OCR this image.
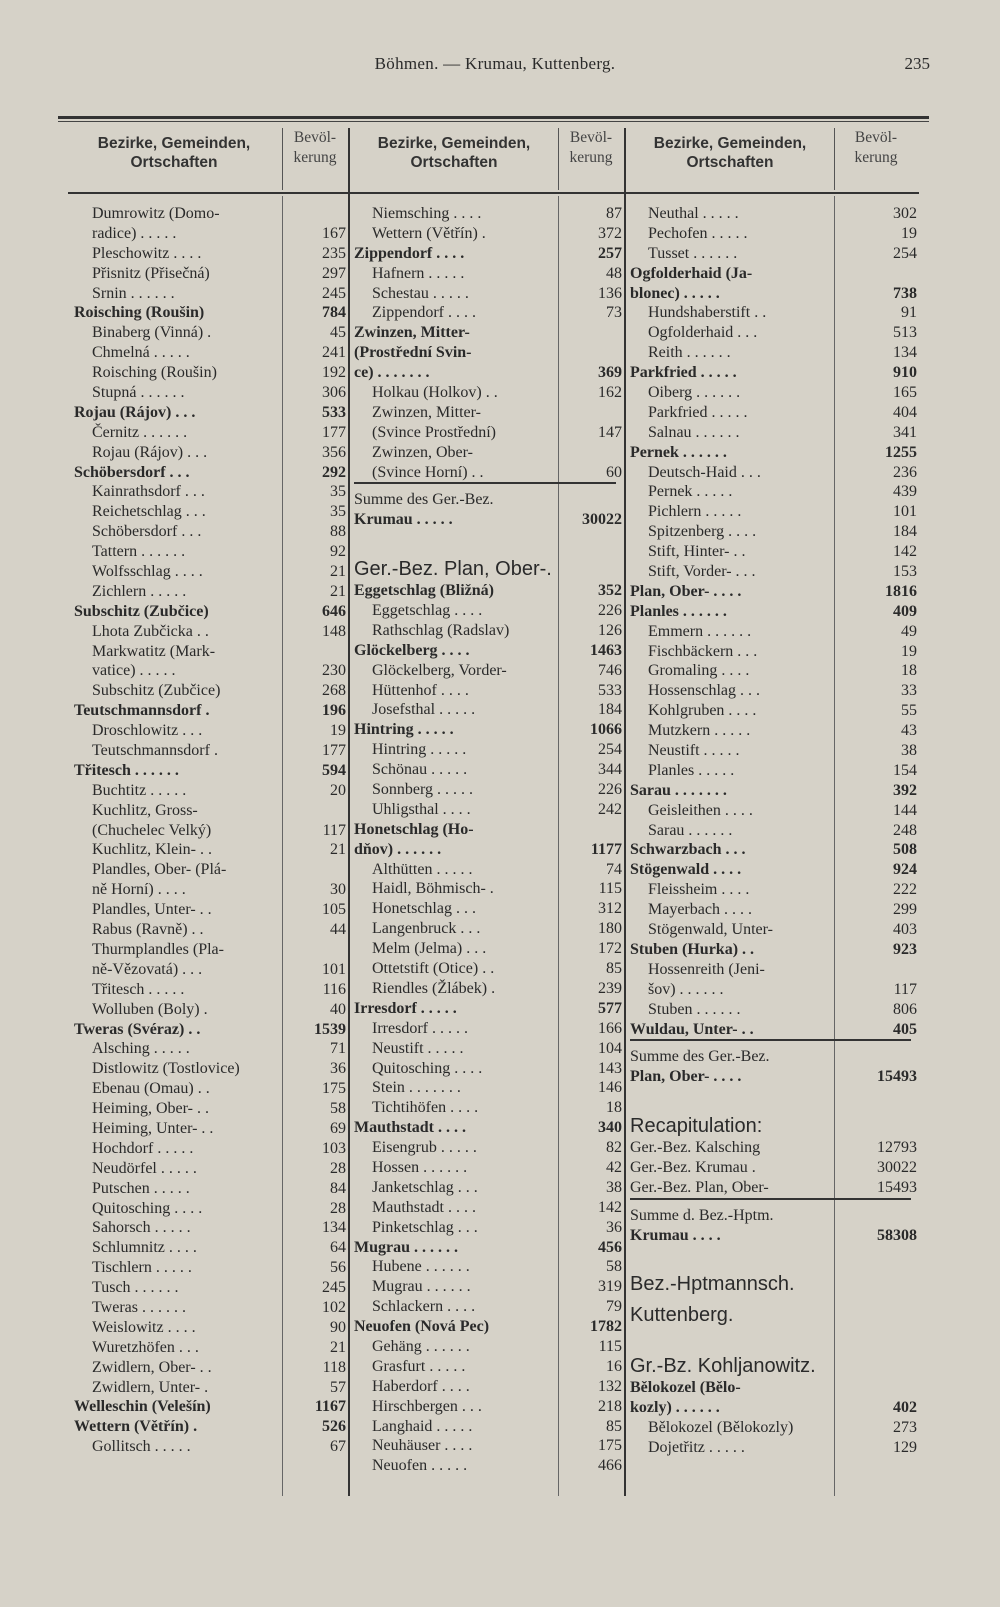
Böhmen. — Krumau, Kuttenberg.	235
Bezirke, Gemeinden, Ortschaften
Bevöl-kerung
Bezirke, Gemeinden, Ortschaften
Bevöl-kerung
Bezirke, Gemeinden, Ortschaften
Bevöl-kerung
Dumrowitz (Domo-
radice) . . . . .	167
Pleschowitz . . . .	235
Přisnitz (Přisečná)	297
Srnin . . . . . .	245
Roisching (Roušin)	784
Binaberg (Vinná) .	45
Chmelná . . . . .	241
Roisching (Roušin)	192
Stupná . . . . . .	306
Rojau (Rájov) . . .	533
Černitz . . . . . .	177
Rojau (Rájov) . . .	356
Schöbersdorf . . .	292
Kainrathsdorf . . .	35
Reichetschlag . . .	35
Schöbersdorf . . .	88
Tattern . . . . . .	92
Wolfsschlag . . . .	21
Zichlern . . . . .	21
Subschitz (Zubčice)	646
Lhota Zubčicka . .	148
Markwatitz (Mark-
vatice) . . . . .	230
Subschitz (Zubčice)	268
Teutschmannsdorf .	196
Droschlowitz . . .	19
Teutschmannsdorf .	177
Třitesch . . . . . .	594
Buchtitz . . . . .	20
Kuchlitz, Gross-
(Chuchelec Velký)	117
Kuchlitz, Klein- . .	21
Plandles, Ober- (Plá-
ně Horní) . . . .	30
Plandles, Unter- . .	105
Rabus (Ravně) . .	44
Thurmplandles (Pla-
ně-Vězovatá) . . .	101
Třitesch . . . . .	116
Wolluben (Boly) .	40
Tweras (Svéraz) . .	1539
Alsching . . . . .	71
Distlowitz (Tostlovice)	36
Ebenau (Omau) . .	175
Heiming, Ober- . .	58
Heiming, Unter- . .	69
Hochdorf . . . . .	103
Neudörfel . . . . .	28
Putschen . . . . .	84
Quitosching . . . .	28
Sahorsch . . . . .	134
Schlumnitz . . . .	64
Tischlern . . . . .	56
Tusch . . . . . .	245
Tweras . . . . . .	102
Weislowitz . . . .	90
Wuretzhöfen . . .	21
Zwidlern, Ober- . .	118
Zwidlern, Unter- .	57
Welleschin (Velešín)	1167
Wettern (Větřín) .	526
Gollitsch . . . . .	67
Niemsching . . . .	87
Wettern (Větřín) .	372
Zippendorf . . . .	257
Hafnern . . . . .	48
Schestau . . . . .	136
Zippendorf . . . .	73
Zwinzen, Mitter-
(Prostřední Svin-
ce) . . . . . . .	369
Holkau (Holkov) . .	162
Zwinzen, Mitter-
(Svince Prostřední)	147
Zwinzen, Ober-
(Svince Horní) . .	60
Summe des Ger.-Bez.
Krumau . . . . .	30022
Ger.-Bez. Plan, Ober-.
Eggetschlag (Bližná)	352
Eggetschlag . . . .	226
Rathschlag (Radslav)	126
Glöckelberg . . . .	1463
Glöckelberg, Vorder-	746
Hüttenhof . . . .	533
Josefsthal . . . . .	184
Hintring . . . . .	1066
Hintring . . . . .	254
Schönau . . . . .	344
Sonnberg . . . . .	226
Uhligsthal . . . .	242
Honetschlag (Ho-
dňov) . . . . . .	1177
Althütten . . . . .	74
Haidl, Böhmisch- .	115
Honetschlag . . .	312
Langenbruck . . .	180
Melm (Jelma) . . .	172
Ottetstift (Otice) . .	85
Riendles (Žlábek) .	239
Irresdorf . . . . .	577
Irresdorf . . . . .	166
Neustift . . . . .	104
Quitosching . . . .	143
Stein . . . . . . .	146
Tichtihöfen . . . .	18
Mauthstadt . . . .	340
Eisengrub . . . . .	82
Hossen . . . . . .	42
Janketschlag . . .	38
Mauthstadt . . . .	142
Pinketschlag . . .	36
Mugrau . . . . . .	456
Hubene . . . . . .	58
Mugrau . . . . . .	319
Schlackern . . . .	79
Neuofen (Nová Pec)	1782
Gehäng . . . . . .	115
Grasfurt . . . . .	16
Haberdorf . . . .	132
Hirschbergen . . .	218
Langhaid . . . . .	85
Neuhäuser . . . .	175
Neuofen . . . . .	466
Neuthal . . . . .	302
Pechofen . . . . .	19
Tusset . . . . . .	254
Ogfolderhaid (Ja-
blonec) . . . . .	738
Hundshaberstift . .	91
Ogfolderhaid . . .	513
Reith . . . . . .	134
Parkfried . . . . .	910
Oiberg . . . . . .	165
Parkfried . . . . .	404
Salnau . . . . . .	341
Pernek . . . . . .	1255
Deutsch-Haid . . .	236
Pernek . . . . .	439
Pichlern . . . . .	101
Spitzenberg . . . .	184
Stift, Hinter- . .	142
Stift, Vorder- . . .	153
Plan, Ober- . . . .	1816
Planles . . . . . .	409
Emmern . . . . . .	49
Fischbäckern . . .	19
Gromaling . . . .	18
Hossenschlag . . .	33
Kohlgruben . . . .	55
Mutzkern . . . . .	43
Neustift . . . . .	38
Planles . . . . .	154
Sarau . . . . . . .	392
Geisleithen . . . .	144
Sarau . . . . . .	248
Schwarzbach . . .	508
Stögenwald . . . .	924
Fleissheim . . . .	222
Mayerbach . . . .	299
Stögenwald, Unter-	403
Stuben (Hurka) . .	923
Hossenreith (Jeni-
šov) . . . . . .	117
Stuben . . . . . .	806
Wuldau, Unter- . .	405
Summe des Ger.-Bez.
Plan, Ober- . . . .	15493
Recapitulation:
Ger.-Bez. Kalsching	12793
Ger.-Bez. Krumau .	30022
Ger.-Bez. Plan, Ober-	15493
Summe d. Bez.-Hptm.
Krumau . . . .	58308
Bez.-Hptmannsch.
Kuttenberg.
Gr.-Bz. Kohljanowitz.
Bělokozel (Bělo-
kozly) . . . . . .	402
Bělokozel (Bělokozly)	273
Dojetřitz . . . . .	129
